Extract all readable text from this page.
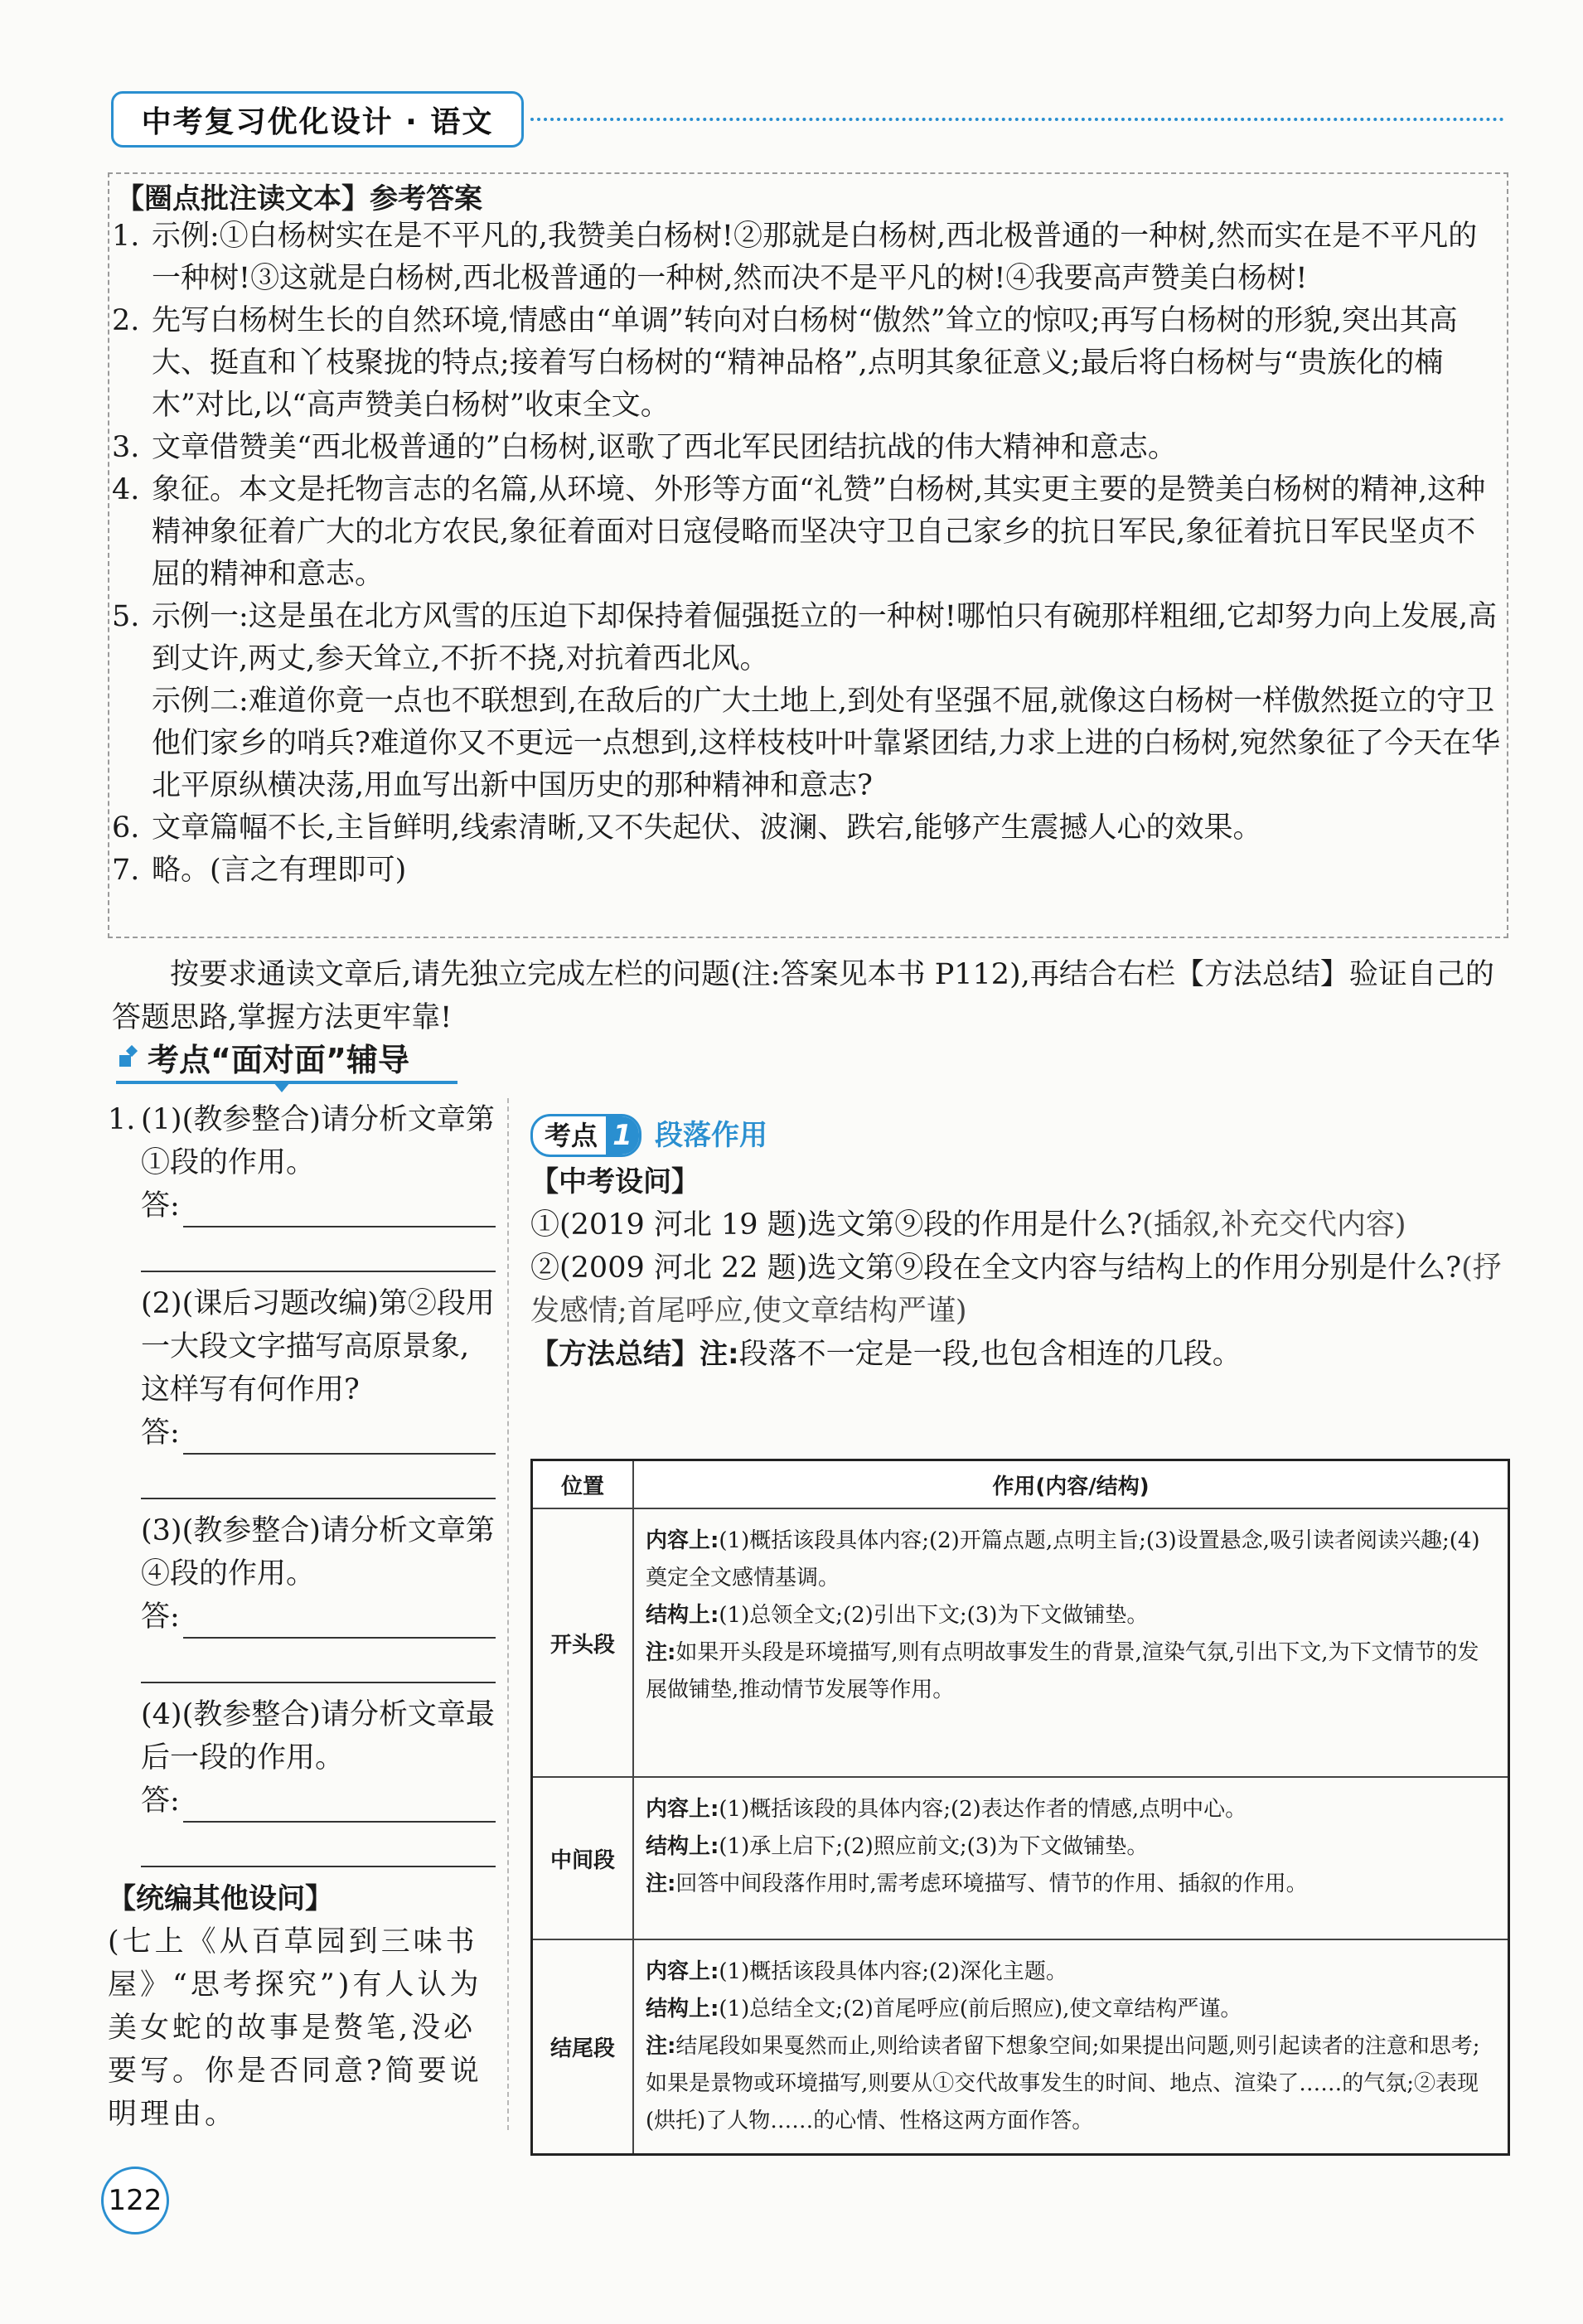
中考复习优化设计 · 语文
【圈点批注读文本】参考答案
1. 示例:①白杨树实在是不平凡的,我赞美白杨树!②那就是白杨树,西北极普通的一种树,然而实在是不平凡的一种树!③这就是白杨树,西北极普通的一种树,然而决不是平凡的树!④我要高声赞美白杨树!
2. 先写白杨树生长的自然环境,情感由“单调”转向对白杨树“傲然”耸立的惊叹;再写白杨树的形貌,突出其高大、挺直和丫枝聚拢的特点;接着写白杨树的“精神品格”,点明其象征意义;最后将白杨树与“贵族化的楠木”对比,以“高声赞美白杨树”收束全文。
3. 文章借赞美“西北极普通的”白杨树,讴歌了西北军民团结抗战的伟大精神和意志。
4. 象征。本文是托物言志的名篇,从环境、外形等方面“礼赞”白杨树,其实更主要的是赞美白杨树的精神,这种精神象征着广大的北方农民,象征着面对日寇侵略而坚决守卫自己家乡的抗日军民,象征着抗日军民坚贞不屈的精神和意志。
5. 示例一:这是虽在北方风雪的压迫下却保持着倔强挺立的一种树!哪怕只有碗那样粗细,它却努力向上发展,高到丈许,两丈,参天耸立,不折不挠,对抗着西北风。
示例二:难道你竟一点也不联想到,在敌后的广大土地上,到处有坚强不屈,就像这白杨树一样傲然挺立的守卫他们家乡的哨兵?难道你又不更远一点想到,这样枝枝叶叶靠紧团结,力求上进的白杨树,宛然象征了今天在华北平原纵横决荡,用血写出新中国历史的那种精神和意志?
6. 文章篇幅不长,主旨鲜明,线索清晰,又不失起伏、波澜、跌宕,能够产生震撼人心的效果。
7. 略。(言之有理即可)
按要求通读文章后,请先独立完成左栏的问题(注:答案见本书 P112),再结合右栏【方法总结】验证自己的答题思路,掌握方法更牢靠!
考点“面对面”辅导
1. (1)(教参整合)请分析文章第①段的作用。
答:
(2)(课后习题改编)第②段用一大段文字描写高原景象,这样写有何作用?
答:
(3)(教参整合)请分析文章第④段的作用。
答:
(4)(教参整合)请分析文章最后一段的作用。
答:
【统编其他设问】
(七上《从百草园到三味书屋》“思考探究”)有人认为美女蛇的故事是赘笔,没必要写。你是否同意?简要说明理由。
考点 1 段落作用
【中考设问】
①(2019 河北 19 题)选文第⑨段的作用是什么?(插叙,补充交代内容)
②(2009 河北 22 题)选文第⑨段在全文内容与结构上的作用分别是什么?(抒发感情;首尾呼应,使文章结构严谨)
【方法总结】注:段落不一定是一段,也包含相连的几段。
位置	作用(内容/结构)
开头段	内容上:(1)概括该段具体内容;(2)开篇点题,点明主旨;(3)设置悬念,吸引读者阅读兴趣;(4)奠定全文感情基调。
结构上:(1)总领全文;(2)引出下文;(3)为下文做铺垫。
注:如果开头段是环境描写,则有点明故事发生的背景,渲染气氛,引出下文,为下文情节的发展做铺垫,推动情节发展等作用。

中间段	内容上:(1)概括该段的具体内容;(2)表达作者的情感,点明中心。
结构上:(1)承上启下;(2)照应前文;(3)为下文做铺垫。
注:回答中间段落作用时,需考虑环境描写、情节的作用、插叙的作用。

结尾段	内容上:(1)概括该段具体内容;(2)深化主题。
结构上:(1)总结全文;(2)首尾呼应(前后照应),使文章结构严谨。
注:结尾段如果戛然而止,则给读者留下想象空间;如果提出问题,则引起读者的注意和思考;如果是景物或环境描写,则要从①交代故事发生的时间、地点、渲染了……的气氛;②表现(烘托)了人物……的心情、性格这两方面作答。
122
